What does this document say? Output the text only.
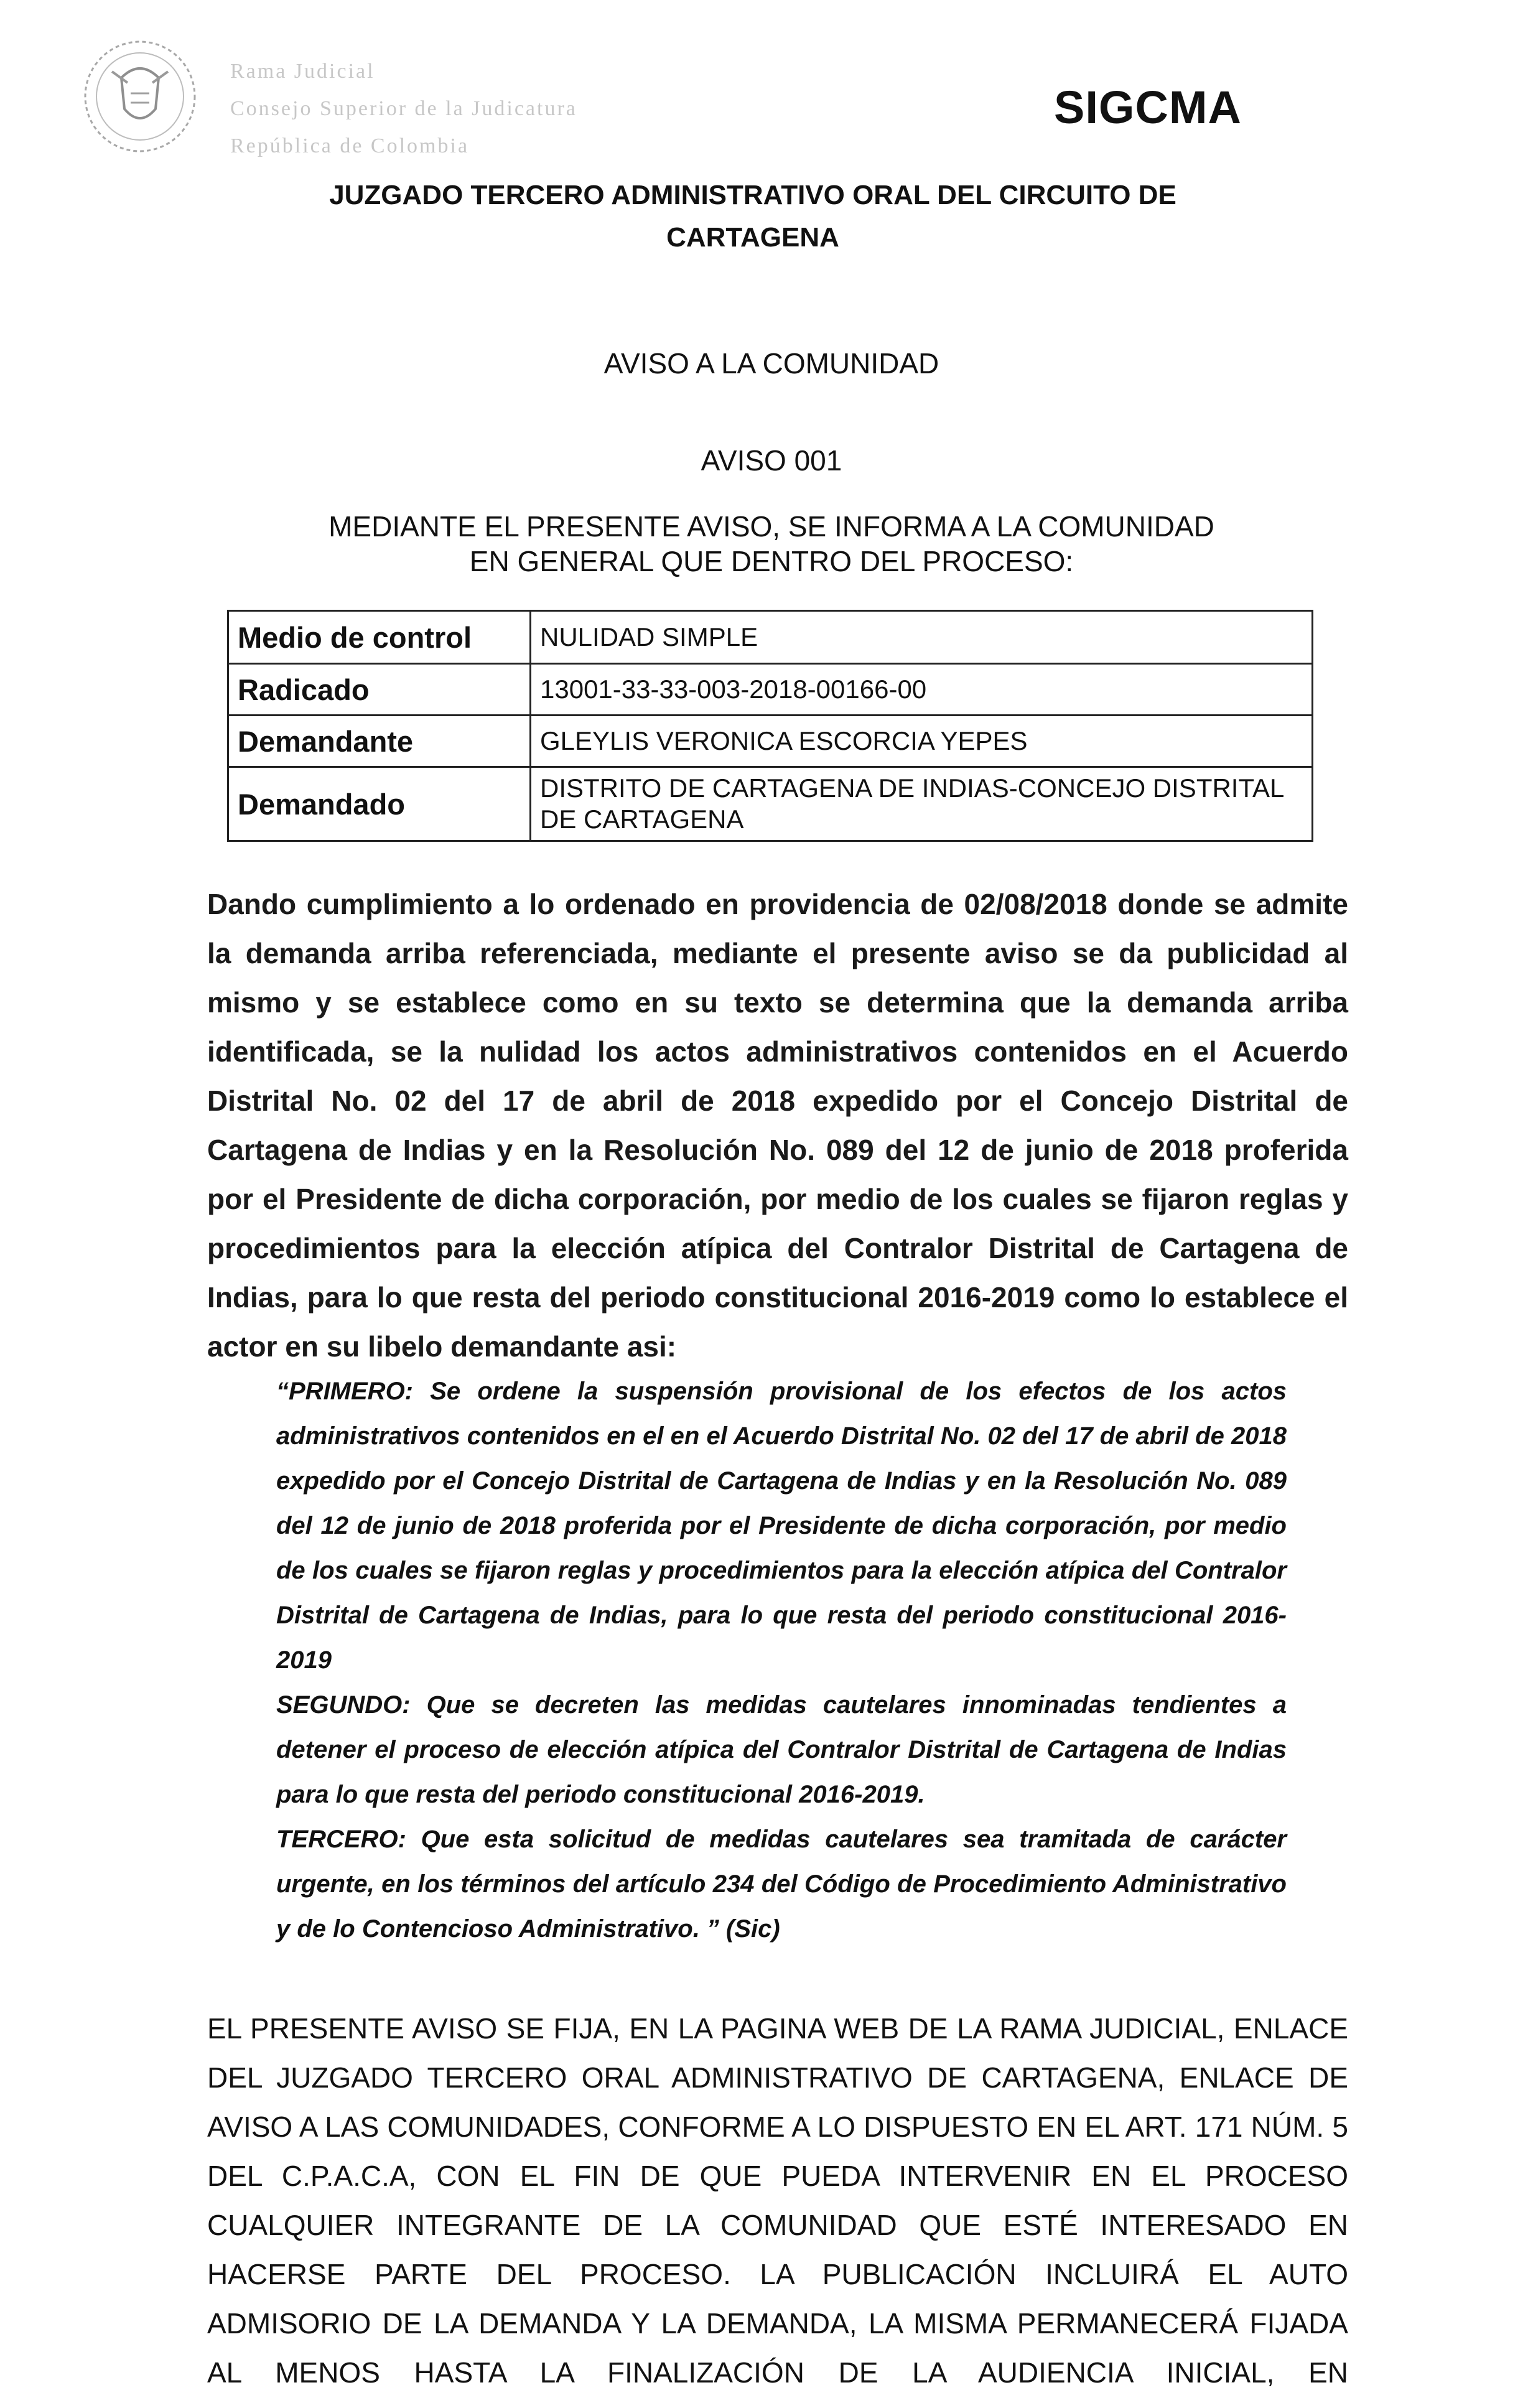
Rama Judicial
Consejo Superior de la Judicatura
República de Colombia
SIGCMA
JUZGADO TERCERO ADMINISTRATIVO ORAL DEL CIRCUITO DE CARTAGENA
AVISO A LA COMUNIDAD
AVISO 001
MEDIANTE EL PRESENTE AVISO, SE INFORMA A LA COMUNIDAD
EN GENERAL QUE DENTRO DEL PROCESO:
Medio de control	NULIDAD SIMPLE
Radicado	13001-33-33-003-2018-00166-00
Demandante	GLEYLIS VERONICA ESCORCIA YEPES
Demandado	DISTRITO DE CARTAGENA DE INDIAS-CONCEJO DISTRITAL DE CARTAGENA
Dando cumplimiento a lo ordenado en providencia de 02/08/2018 donde se admite la demanda arriba referenciada, mediante el presente aviso se da publicidad al mismo y se establece como en su texto se determina que la demanda arriba identificada, se la nulidad los actos administrativos contenidos en el Acuerdo Distrital No. 02 del 17 de abril de 2018 expedido por el Concejo Distrital de Cartagena de Indias y en la Resolución No. 089 del 12 de junio de 2018 proferida por el Presidente de dicha corporación, por medio de los cuales se fijaron reglas y procedimientos para la elección atípica del Contralor Distrital de Cartagena de Indias, para lo que resta del periodo constitucional 2016-2019 como lo establece el actor en su libelo demandante asi:

“PRIMERO: Se ordene la suspensión provisional de los efectos de los actos administrativos contenidos en el en el Acuerdo Distrital No. 02 del 17 de abril de 2018 expedido por el Concejo Distrital de Cartagena de Indias y en la Resolución No. 089 del 12 de junio de 2018 proferida por el Presidente de dicha corporación, por medio de los cuales se fijaron reglas y procedimientos para la elección atípica del Contralor Distrital de Cartagena de Indias, para lo que resta del periodo constitucional 2016-2019

SEGUNDO: Que se decreten las medidas cautelares innominadas tendientes a detener el proceso de elección atípica del Contralor Distrital de Cartagena de Indias para lo que resta del periodo constitucional 2016-2019.

TERCERO: Que esta solicitud de medidas cautelares sea tramitada de carácter urgente, en los términos del artículo 234 del Código de Procedimiento Administrativo y de lo Contencioso Administrativo. ” (Sic)

EL PRESENTE AVISO SE FIJA, EN LA PAGINA WEB DE LA RAMA JUDICIAL, ENLACE DEL JUZGADO TERCERO ORAL ADMINISTRATIVO DE CARTAGENA, ENLACE DE AVISO A LAS COMUNIDADES, CONFORME A LO DISPUESTO EN EL ART. 171 NÚM. 5 DEL C.P.A.C.A, CON EL FIN DE QUE PUEDA INTERVENIR EN EL PROCESO CUALQUIER INTEGRANTE DE LA COMUNIDAD QUE ESTÉ INTERESADO EN HACERSE PARTE DEL PROCESO. LA PUBLICACIÓN INCLUIRÁ EL AUTO ADMISORIO DE LA DEMANDA Y LA DEMANDA, LA MISMA PERMANECERÁ FIJADA AL MENOS HASTA LA FINALIZACIÓN DE LA AUDIENCIA INICIAL, EN
